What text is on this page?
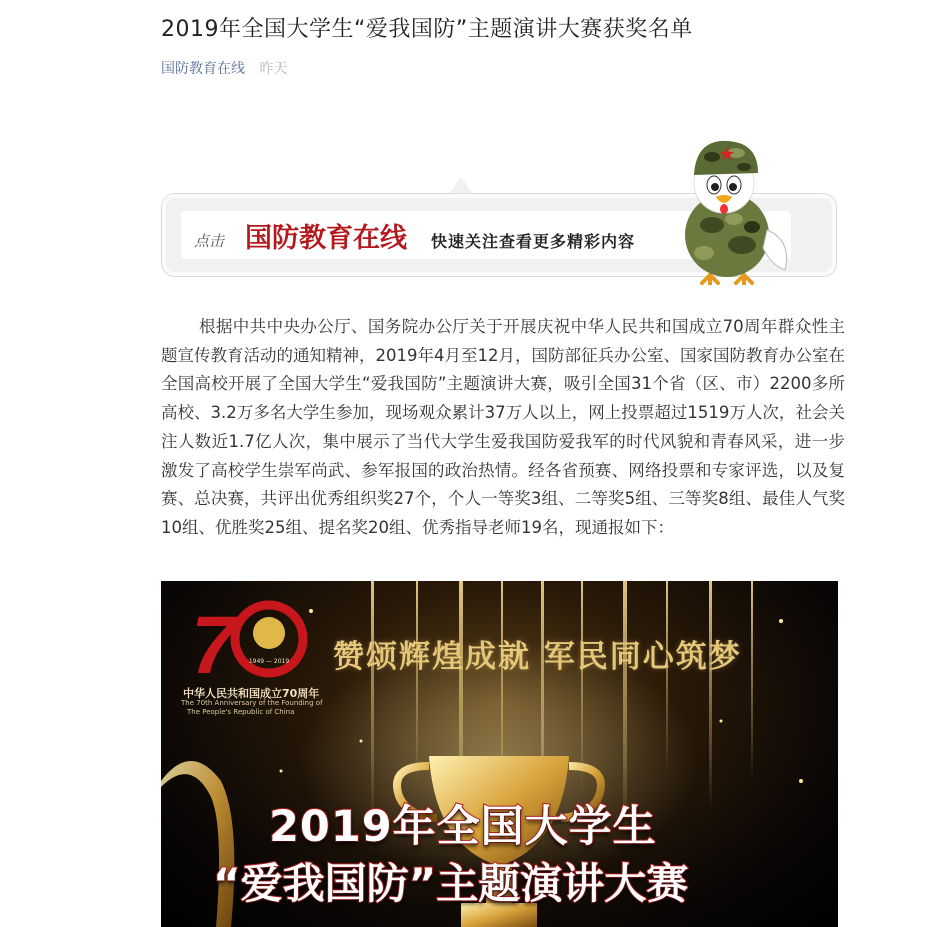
2019年全国大学生“爱我国防”主题演讲大赛获奖名单
国防教育在线 昨天
点击 国防教育在线 快速关注查看更多精彩内容

根据中共中央办公厅、国务院办公厅关于开展庆祝中华人民共和国成立70周年群众性主题宣传教育活动的通知精神，2019年4月至12月，国防部征兵办公室、国家国防教育办公室在全国高校开展了全国大学生“爱我国防”主题演讲大赛，吸引全国31个省（区、市）2200多所高校、3.2万多名大学生参加，现场观众累计37万人以上，网上投票超过1519万人次，社会关注人数近1.7亿人次，集中展示了当代大学生爱我国防爱我军的时代风貌和青春风采，进一步激发了高校学生崇军尚武、参军报国的政治热情。经各省预赛、网络投票和专家评选，以及复赛、总决赛，共评出优秀组织奖27个，个人一等奖3组、二等奖5组、三等奖8组、最佳人气奖10组、优胜奖25组、提名奖20组、优秀指导老师19名，现通报如下：

7	1949 — 2019 赞颂辉煌成就 军民同心筑梦
中华人民共和国成立70周年
The 70th Anniversary of the Founding of
The People's Republic of China
2019年全国大学生
“爱我国防”主题演讲大赛
